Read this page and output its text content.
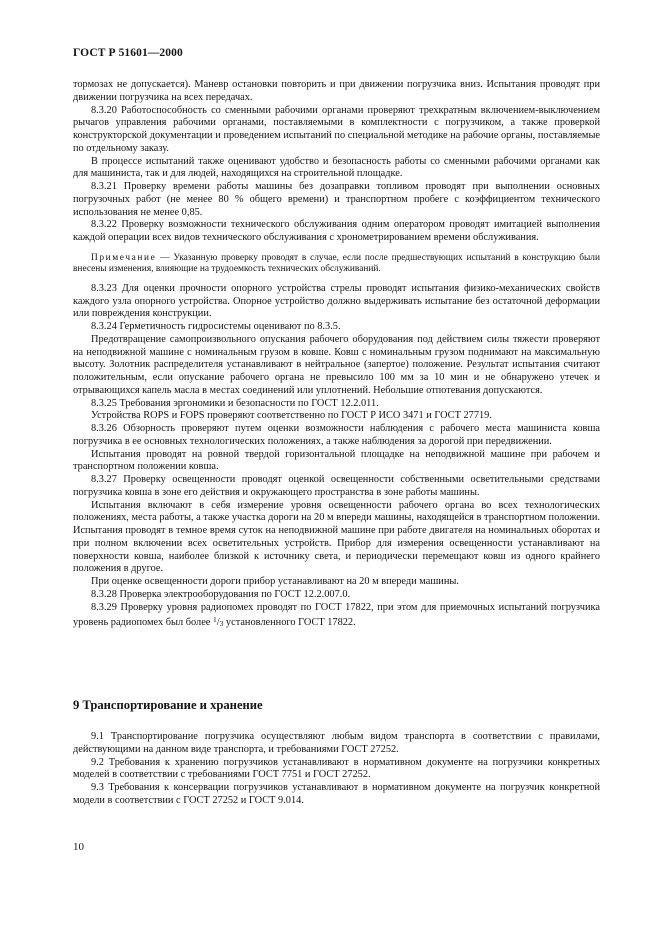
ГОСТ Р 51601—2000

тормозах не допускается). Маневр остановки повторить и при движении погрузчика вниз. Испытания проводят при движении погрузчика на всех передачах.

8.3.20 Работоспособность со сменными рабочими органами проверяют трехкратным включением-выключением рычагов управления рабочими органами, поставляемыми в комплектности с погрузчиком, а также проверкой конструкторской документации и проведением испытаний по специальной методике на рабочие органы, поставляемые по отдельному заказу.

В процессе испытаний также оценивают удобство и безопасность работы со сменными рабочими органами как для машиниста, так и для людей, находящихся на строительной площадке.

8.3.21 Проверку времени работы машины без дозаправки топливом проводят при выполнении основных погрузочных работ (не менее 80 % общего времени) и транспортном пробеге с коэффициентом технического использования не менее 0,85.

8.3.22 Проверку возможности технического обслуживания одним оператором проводят имитацией выполнения каждой операции всех видов технического обслуживания с хронометрированием времени обслуживания.

Примечание — Указанную проверку проводят в случае, если после предшествующих испытаний в конструкцию были внесены изменения, влияющие на трудоемкость технических обслуживаний.

8.3.23 Для оценки прочности опорного устройства стрелы проводят испытания физико-механических свойств каждого узла опорного устройства. Опорное устройство должно выдерживать испытание без остаточной деформации или повреждения конструкции.

8.3.24 Герметичность гидросистемы оценивают по 8.3.5.

Предотвращение самопроизвольного опускания рабочего оборудования под действием силы тяжести проверяют на неподвижной машине с номинальным грузом в ковше. Ковш с номинальным грузом поднимают на максимальную высоту. Золотник распределителя устанавливают в нейтральное (запертое) положение. Результат испытания считают положительным, если опускание рабочего органа не превысило 100 мм за 10 мин и не обнаружено утечек и отрывающихся капель масла в местах соединений или уплотнений. Небольшие отпотевания допускаются.

8.3.25 Требования эргономики и безопасности по ГОСТ 12.2.011.

Устройства ROPS и FOPS проверяют соответственно по ГОСТ Р ИСО 3471 и ГОСТ 27719.

8.3.26 Обзорность проверяют путем оценки возможности наблюдения с рабочего места машиниста ковша погрузчика в ее основных технологических положениях, а также наблюдения за дорогой при передвижении.

Испытания проводят на ровной твердой горизонтальной площадке на неподвижной машине при рабочем и транспортном положении ковша.

8.3.27 Проверку освещенности проводят оценкой освещенности собственными осветительными средствами погрузчика ковша в зоне его действия и окружающего пространства в зоне работы машины.

Испытания включают в себя измерение уровня освещенности рабочего органа во всех технологических положениях, места работы, а также участка дороги на 20 м впереди машины, находящейся в транспортном положении. Испытания проводят в темное время суток на неподвижной машине при работе двигателя на номинальных оборотах и при полном включении всех осветительных устройств. Прибор для измерения освещенности устанавливают на поверхности ковша, наиболее близкой к источнику света, и периодически перемещают ковш из одного крайнего положения в другое.

При оценке освещенности дороги прибор устанавливают на 20 м впереди машины.

8.3.28 Проверка электрооборудования по ГОСТ 12.2.007.0.

8.3.29 Проверку уровня радиопомех проводят по ГОСТ 17822, при этом для приемочных испытаний погрузчика уровень радиопомех был более $^1/_3$ установленного ГОСТ 17822.

9 Транспортирование и хранение

9.1 Транспортирование погрузчика осуществляют любым видом транспорта в соответствии с правилами, действующими на данном виде транспорта, и требованиями ГОСТ 27252.

9.2 Требования к хранению погрузчиков устанавливают в нормативном документе на погрузчики конкретных моделей в соответствии с требованиями ГОСТ 7751 и ГОСТ 27252.

9.3 Требования к консервации погрузчиков устанавливают в нормативном документе на погрузчик конкретной модели в соответствии с ГОСТ 27252 и ГОСТ 9.014.

10
